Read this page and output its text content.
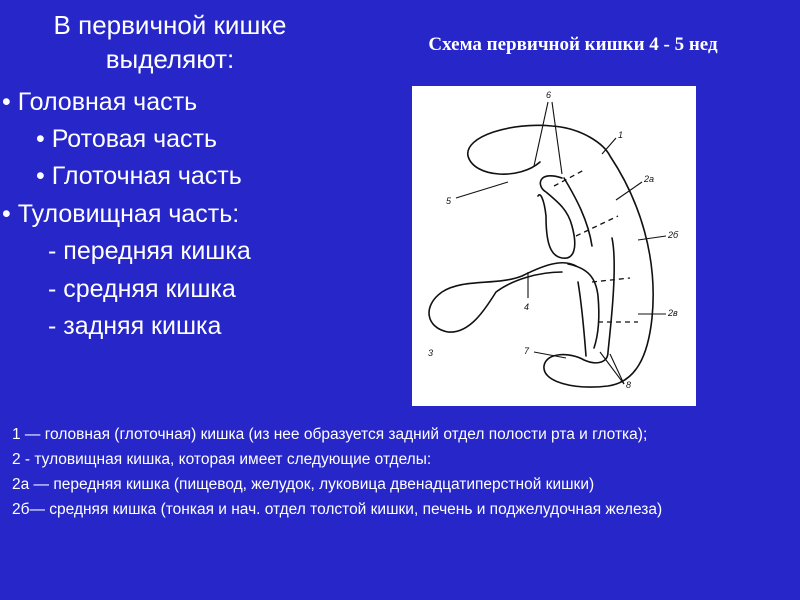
В первичной кишке
выделяют:	Схема первичной кишки 4 - 5 нед
• Головная часть
• Ротовая часть
• Глоточная часть
• Туловищная часть:
- передняя кишка
- средняя кишка
- задняя кишка
6
1
2а
5
2б
4
2в
3	7
8
1 — головная (глоточная) кишка (из нее образуется задний отдел полости рта и глотка);
2 - туловищная кишка, которая имеет следующие отделы:
2а — передняя кишка (пищевод, желудок, луковица двенадцатиперстной кишки)
2б— средняя кишка (тонкая и нач. отдел толстой кишки, печень и поджелудочная железа)
